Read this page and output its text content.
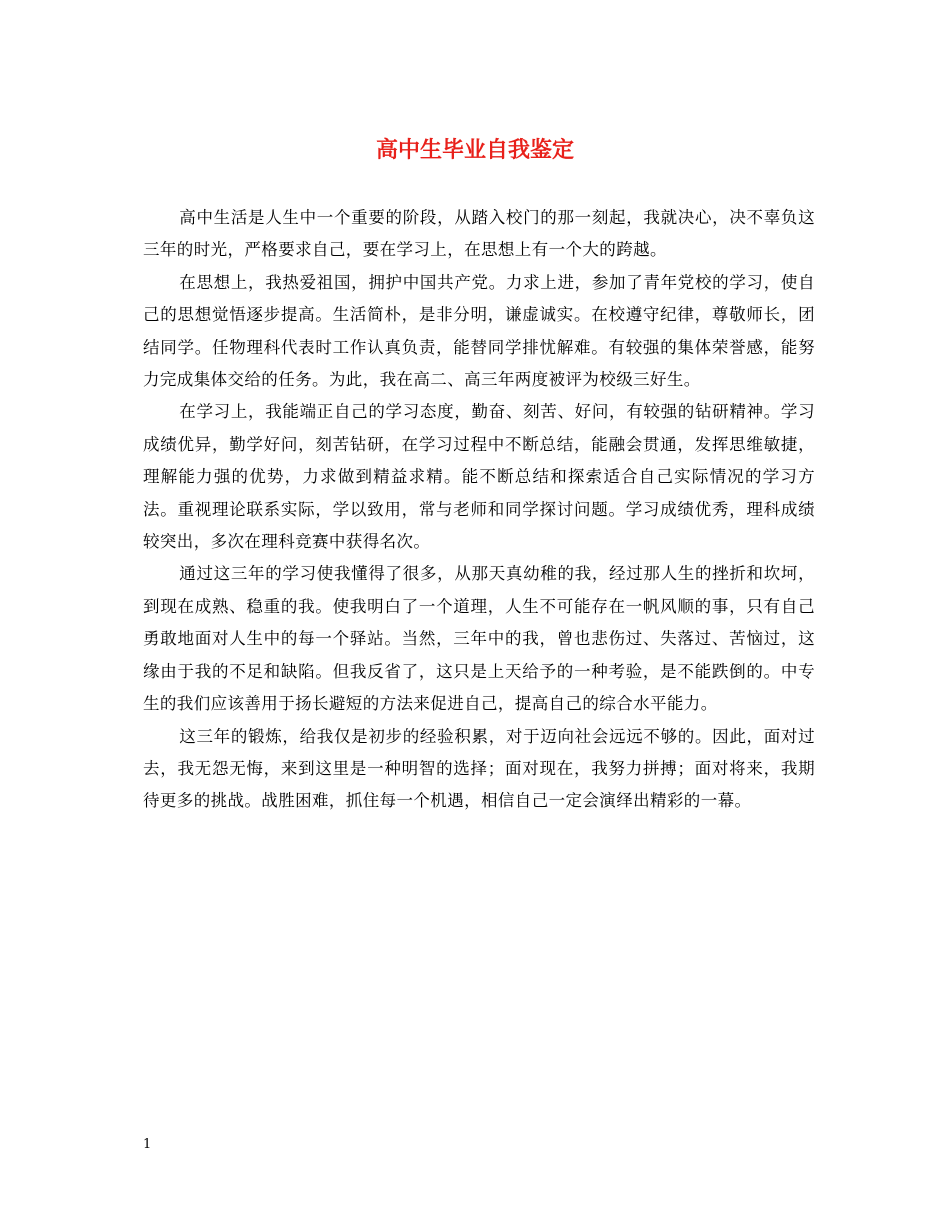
高中生毕业自我鉴定

高中生活是人生中一个重要的阶段，从踏入校门的那一刻起，我就决心，决不辜负这三年的时光，严格要求自己，要在学习上，在思想上有一个大的跨越。

在思想上，我热爱祖国，拥护中国共产党。力求上进，参加了青年党校的学习，使自己的思想觉悟逐步提高。生活简朴，是非分明，谦虚诚实。在校遵守纪律，尊敬师长，团结同学。任物理科代表时工作认真负责，能替同学排忧解难。有较强的集体荣誉感，能努力完成集体交给的任务。为此，我在高二、高三年两度被评为校级三好生。

在学习上，我能端正自己的学习态度，勤奋、刻苦、好问，有较强的钻研精神。学习成绩优异，勤学好问，刻苦钻研，在学习过程中不断总结，能融会贯通，发挥思维敏捷，理解能力强的优势，力求做到精益求精。能不断总结和探索适合自己实际情况的学习方法。重视理论联系实际，学以致用，常与老师和同学探讨问题。学习成绩优秀，理科成绩较突出，多次在理科竞赛中获得名次。

通过这三年的学习使我懂得了很多，从那天真幼稚的我，经过那人生的挫折和坎坷，到现在成熟、稳重的我。使我明白了一个道理，人生不可能存在一帆风顺的事，只有自己勇敢地面对人生中的每一个驿站。当然，三年中的我，曾也悲伤过、失落过、苦恼过，这缘由于我的不足和缺陷。但我反省了，这只是上天给予的一种考验，是不能跌倒的。中专生的我们应该善用于扬长避短的方法来促进自己，提高自己的综合水平能力。

这三年的锻炼，给我仅是初步的经验积累，对于迈向社会远远不够的。因此，面对过去，我无怨无悔，来到这里是一种明智的选择；面对现在，我努力拼搏；面对将来，我期待更多的挑战。战胜困难，抓住每一个机遇，相信自己一定会演绎出精彩的一幕。

1
